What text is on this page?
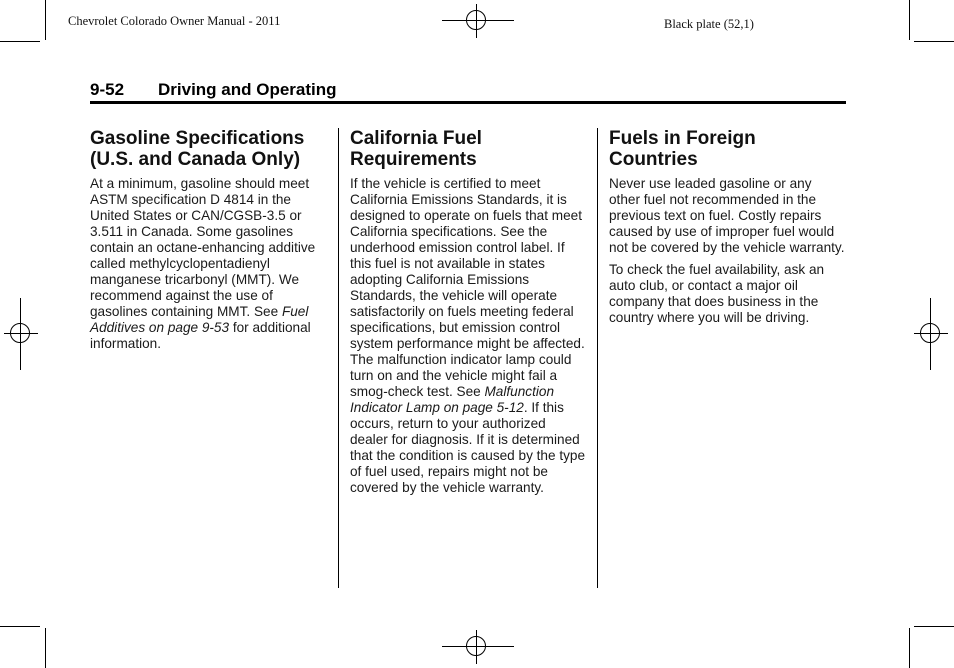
Chevrolet Colorado Owner Manual - 2011	Black plate (52,1)
9-52 Driving and Operating
Gasoline Specifications
(U.S. and Canada Only)

At a minimum, gasoline should meet ASTM specification D 4814 in the United States or CAN/CGSB-3.5 or 3.511 in Canada. Some gasolines contain an octane-enhancing additive called methylcyclopentadienyl manganese tricarbonyl (MMT). We recommend against the use of gasolines containing MMT. See Fuel Additives on page 9-53 for additional information.

California Fuel
Requirements

If the vehicle is certified to meet California Emissions Standards, it is designed to operate on fuels that meet California specifications. See the underhood emission control label. If this fuel is not available in states adopting California Emissions Standards, the vehicle will operate satisfactorily on fuels meeting federal specifications, but emission control system performance might be affected. The malfunction indicator lamp could turn on and the vehicle might fail a smog-check test. See Malfunction Indicator Lamp on page 5-12. If this occurs, return to your authorized dealer for diagnosis. If it is determined that the condition is caused by the type of fuel used, repairs might not be covered by the vehicle warranty.

Fuels in Foreign
Countries

Never use leaded gasoline or any other fuel not recommended in the previous text on fuel. Costly repairs caused by use of improper fuel would not be covered by the vehicle warranty.

To check the fuel availability, ask an auto club, or contact a major oil company that does business in the country where you will be driving.
